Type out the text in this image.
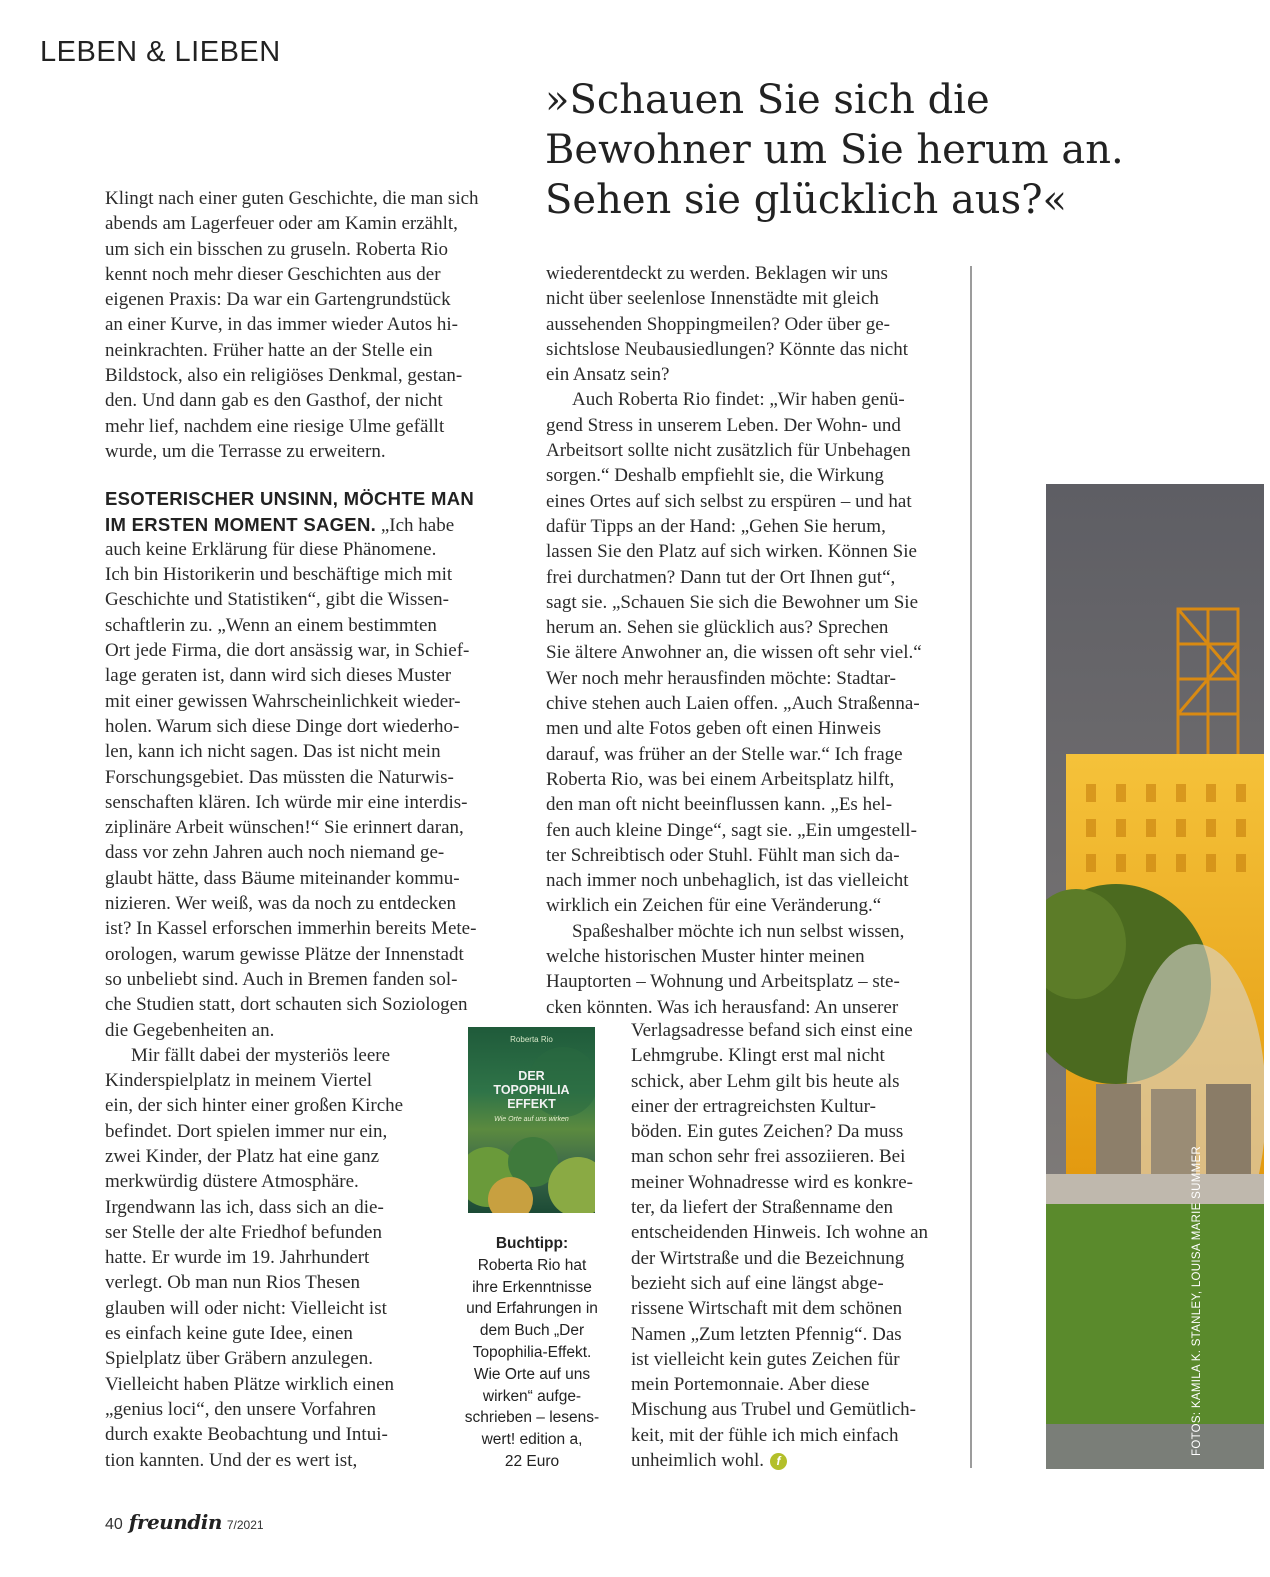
LEBEN & LIEBEN
»Schauen Sie sich die
Bewohner um Sie herum an.
Sehen sie glücklich aus?«
Klingt nach einer guten Geschichte, die man sich
abends am Lagerfeuer oder am Kamin erzählt,
um sich ein bisschen zu gruseln. Roberta Rio
kennt noch mehr dieser Geschichten aus der
eigenen Praxis: Da war ein Gartengrundstück
an einer Kurve, in das immer wieder Autos hi-
neinkrachten. Früher hatte an der Stelle ein
Bildstock, also ein religiöses Denkmal, gestan-
den. Und dann gab es den Gasthof, der nicht
mehr lief, nachdem eine riesige Ulme gefällt
wurde, um die Terrasse zu erweitern.
ESOTERISCHER UNSINN, MÖCHTE MAN
IM ERSTEN MOMENT SAGEN. „Ich habe
auch keine Erklärung für diese Phänomene.
Ich bin Historikerin und beschäftige mich mit
Geschichte und Statistiken“, gibt die Wissen-
schaftlerin zu. „Wenn an einem bestimmten
Ort jede Firma, die dort ansässig war, in Schief-
lage geraten ist, dann wird sich dieses Muster
mit einer gewissen Wahrscheinlichkeit wieder-
holen. Warum sich diese Dinge dort wiederho-
len, kann ich nicht sagen. Das ist nicht mein
Forschungsgebiet. Das müssten die Naturwis-
senschaften klären. Ich würde mir eine interdis-
ziplinäre Arbeit wünschen!“ Sie erinnert daran,
dass vor zehn Jahren auch noch niemand ge-
glaubt hätte, dass Bäume miteinander kommu-
nizieren. Wer weiß, was da noch zu entdecken
ist? In Kassel erforschen immerhin bereits Mete-
orologen, warum gewisse Plätze der Innenstadt
so unbeliebt sind. Auch in Bremen fanden sol-
che Studien statt, dort schauten sich Soziologen
die Gegebenheiten an.
Mir fällt dabei der mysteriös leere
Kinderspielplatz in meinem Viertel
ein, der sich hinter einer großen Kirche
befindet. Dort spielen immer nur ein,
zwei Kinder, der Platz hat eine ganz
merkwürdig düstere Atmosphäre.
Irgendwann las ich, dass sich an die-
ser Stelle der alte Friedhof befunden
hatte. Er wurde im 19. Jahrhundert
verlegt. Ob man nun Rios Thesen
glauben will oder nicht: Vielleicht ist
es einfach keine gute Idee, einen
Spielplatz über Gräbern anzulegen.
Vielleicht haben Plätze wirklich einen
„genius loci“, den unsere Vorfahren
durch exakte Beobachtung und Intui-
tion kannten. Und der es wert ist,
wiederentdeckt zu werden. Beklagen wir uns
nicht über seelenlose Innenstädte mit gleich
aussehenden Shoppingmeilen? Oder über ge-
sichtslose Neubausiedlungen? Könnte das nicht
ein Ansatz sein?
Auch Roberta Rio findet: „Wir haben genü-
gend Stress in unserem Leben. Der Wohn- und
Arbeitsort sollte nicht zusätzlich für Unbehagen
sorgen.“ Deshalb empfiehlt sie, die Wirkung
eines Ortes auf sich selbst zu erspüren – und hat
dafür Tipps an der Hand: „Gehen Sie herum,
lassen Sie den Platz auf sich wirken. Können Sie
frei durchatmen? Dann tut der Ort Ihnen gut“,
sagt sie. „Schauen Sie sich die Bewohner um Sie
herum an. Sehen sie glücklich aus? Sprechen
Sie ältere Anwohner an, die wissen oft sehr viel.“
Wer noch mehr herausfinden möchte: Stadtar-
chive stehen auch Laien offen. „Auch Straßenna-
men und alte Fotos geben oft einen Hinweis
darauf, was früher an der Stelle war.“ Ich frage
Roberta Rio, was bei einem Arbeitsplatz hilft,
den man oft nicht beeinflussen kann. „Es hel-
fen auch kleine Dinge“, sagt sie. „Ein umgestell-
ter Schreibtisch oder Stuhl. Fühlt man sich da-
nach immer noch unbehaglich, ist das vielleicht
wirklich ein Zeichen für eine Veränderung.“
Spaßeshalber möchte ich nun selbst wissen,
welche historischen Muster hinter meinen
Hauptorten – Wohnung und Arbeitsplatz – ste-
cken könnten. Was ich herausfand: An unserer
Verlagsadresse befand sich einst eine
Lehmgrube. Klingt erst mal nicht
schick, aber Lehm gilt bis heute als
einer der ertragreichsten Kultur-
böden. Ein gutes Zeichen? Da muss
man schon sehr frei assoziieren. Bei
meiner Wohnadresse wird es konkre-
ter, da liefert der Straßenname den
entscheidenden Hinweis. Ich wohne an
der Wirtstraße und die Bezeichnung
bezieht sich auf eine längst abge-
rissene Wirtschaft mit dem schönen
Namen „Zum letzten Pfennig“. Das
ist vielleicht kein gutes Zeichen für
mein Portemonnaie. Aber diese
Mischung aus Trubel und Gemütlich-
keit, mit der fühle ich mich einfach
unheimlich wohl. f
Roberta Rio
DER
TOPOPHILIA
EFFEKT
Wie Orte auf uns wirken
Buchtipp:
Roberta Rio hat
ihre Erkenntnisse
und Erfahrungen in
dem Buch „Der
Topophilia-Effekt.
Wie Orte auf uns
wirken“ aufge-
schrieben – lesens-
wert! edition a,
22 Euro
FOTOS: KAMILA K. STANLEY, LOUISA MARIE SUMMER
40 freundin 7/2021
